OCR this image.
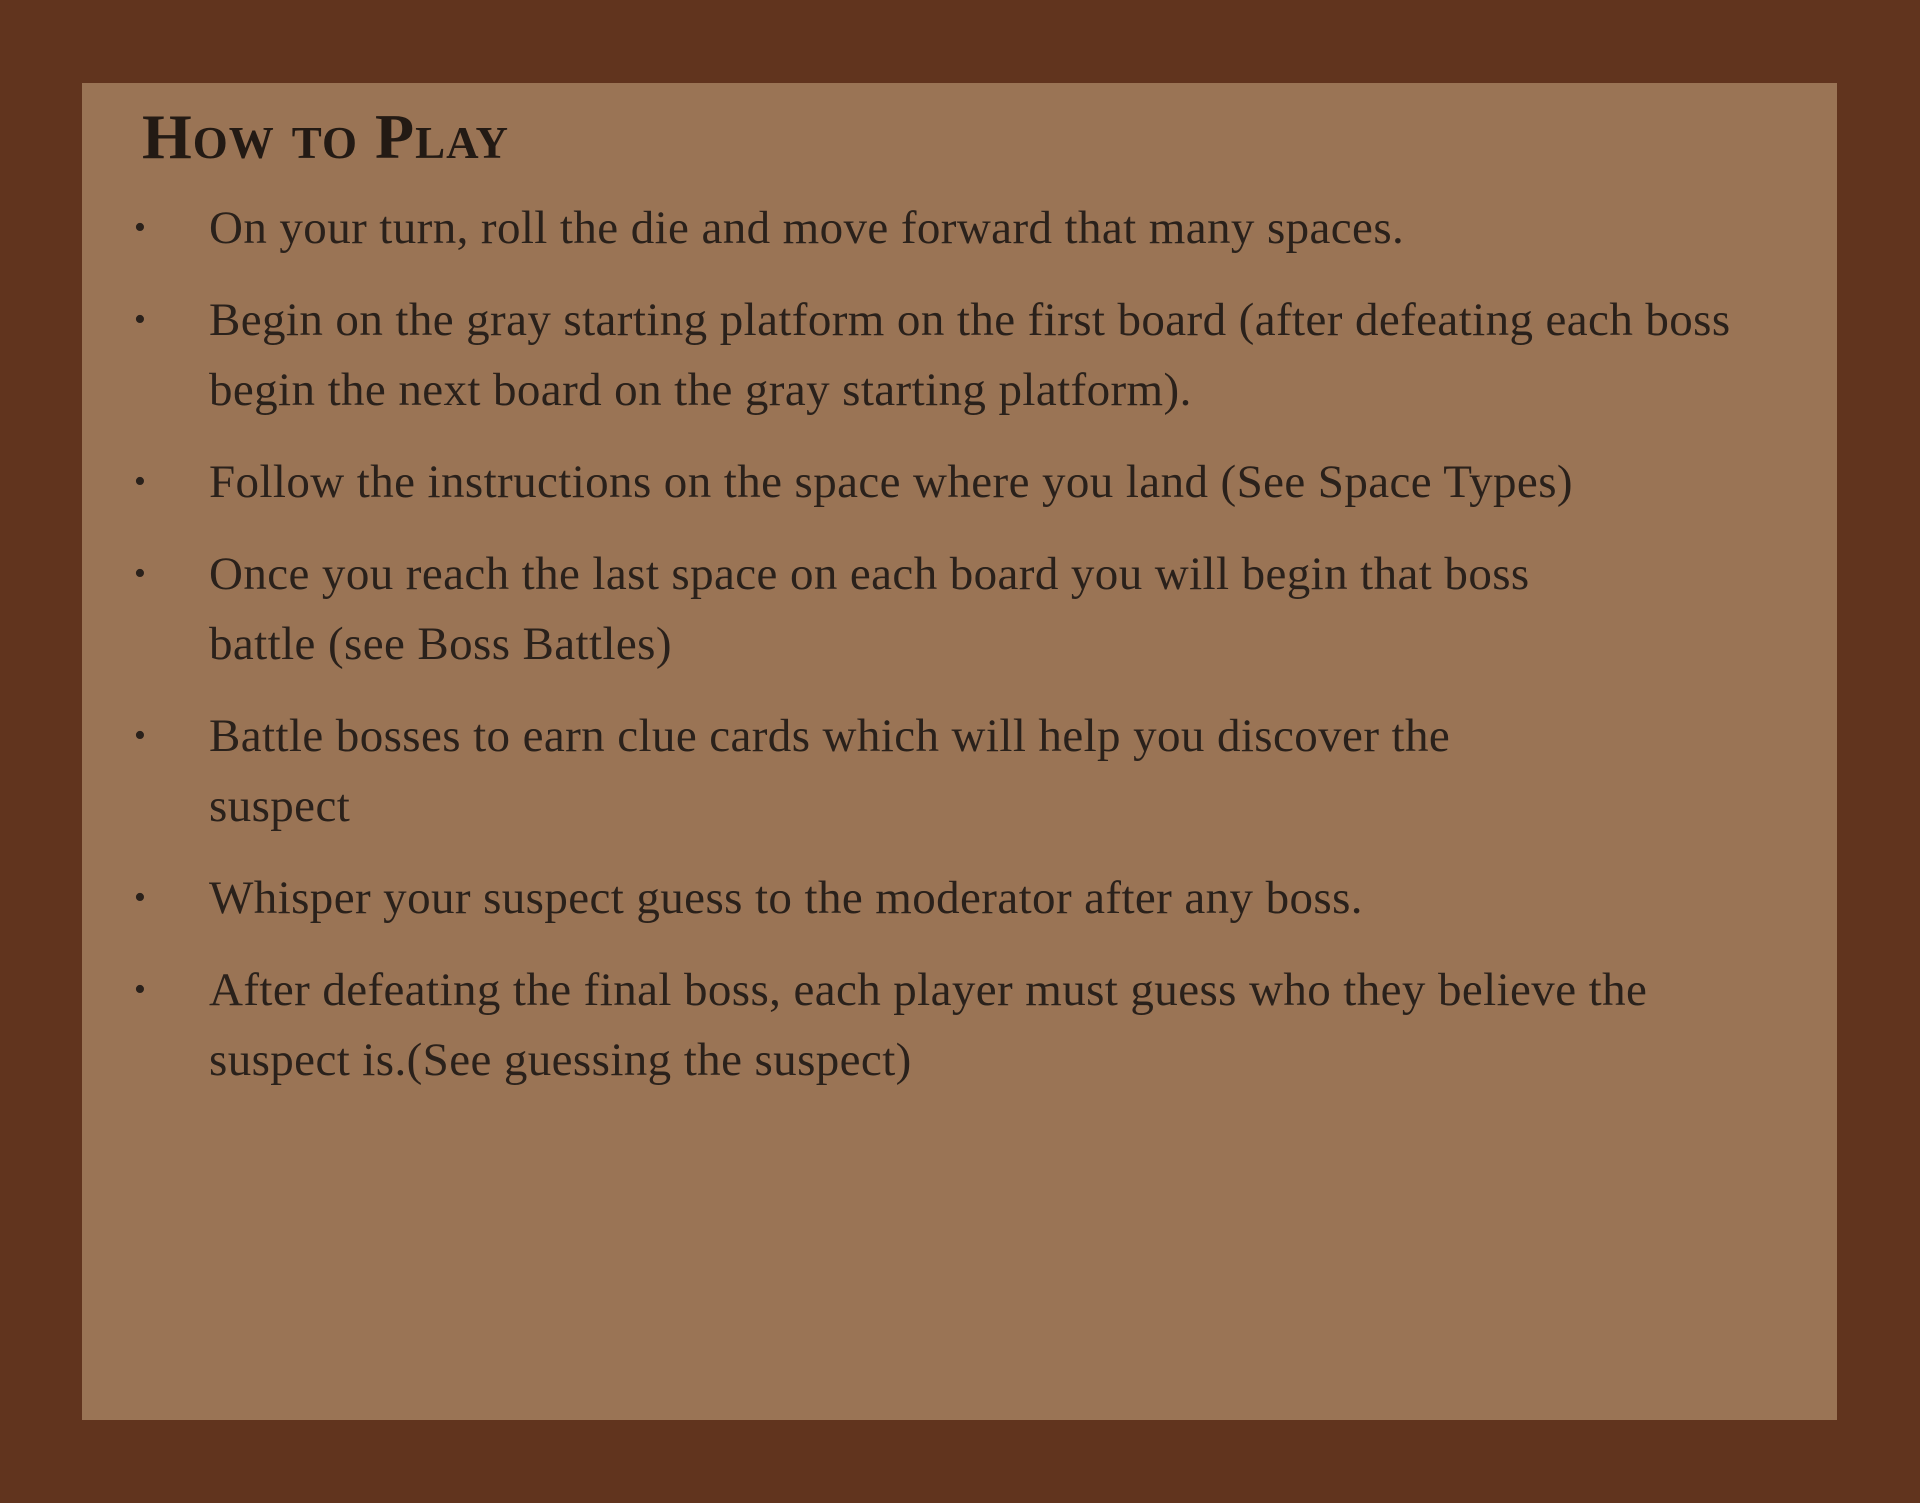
How to Play
• On your turn, roll the die and move forward that many spaces.
• Begin on the gray starting platform on the first board (after defeating each boss begin the next board on the gray starting platform).
• Follow the instructions on the space where you land (See Space Types)
• Once you reach the last space on each board you will begin that boss battle (see Boss Battles)
• Battle bosses to earn clue cards which will help you discover the suspect
• Whisper your suspect guess to the moderator after any boss.
• After defeating the final boss, each player must guess who they believe the suspect is.(See guessing the suspect)
